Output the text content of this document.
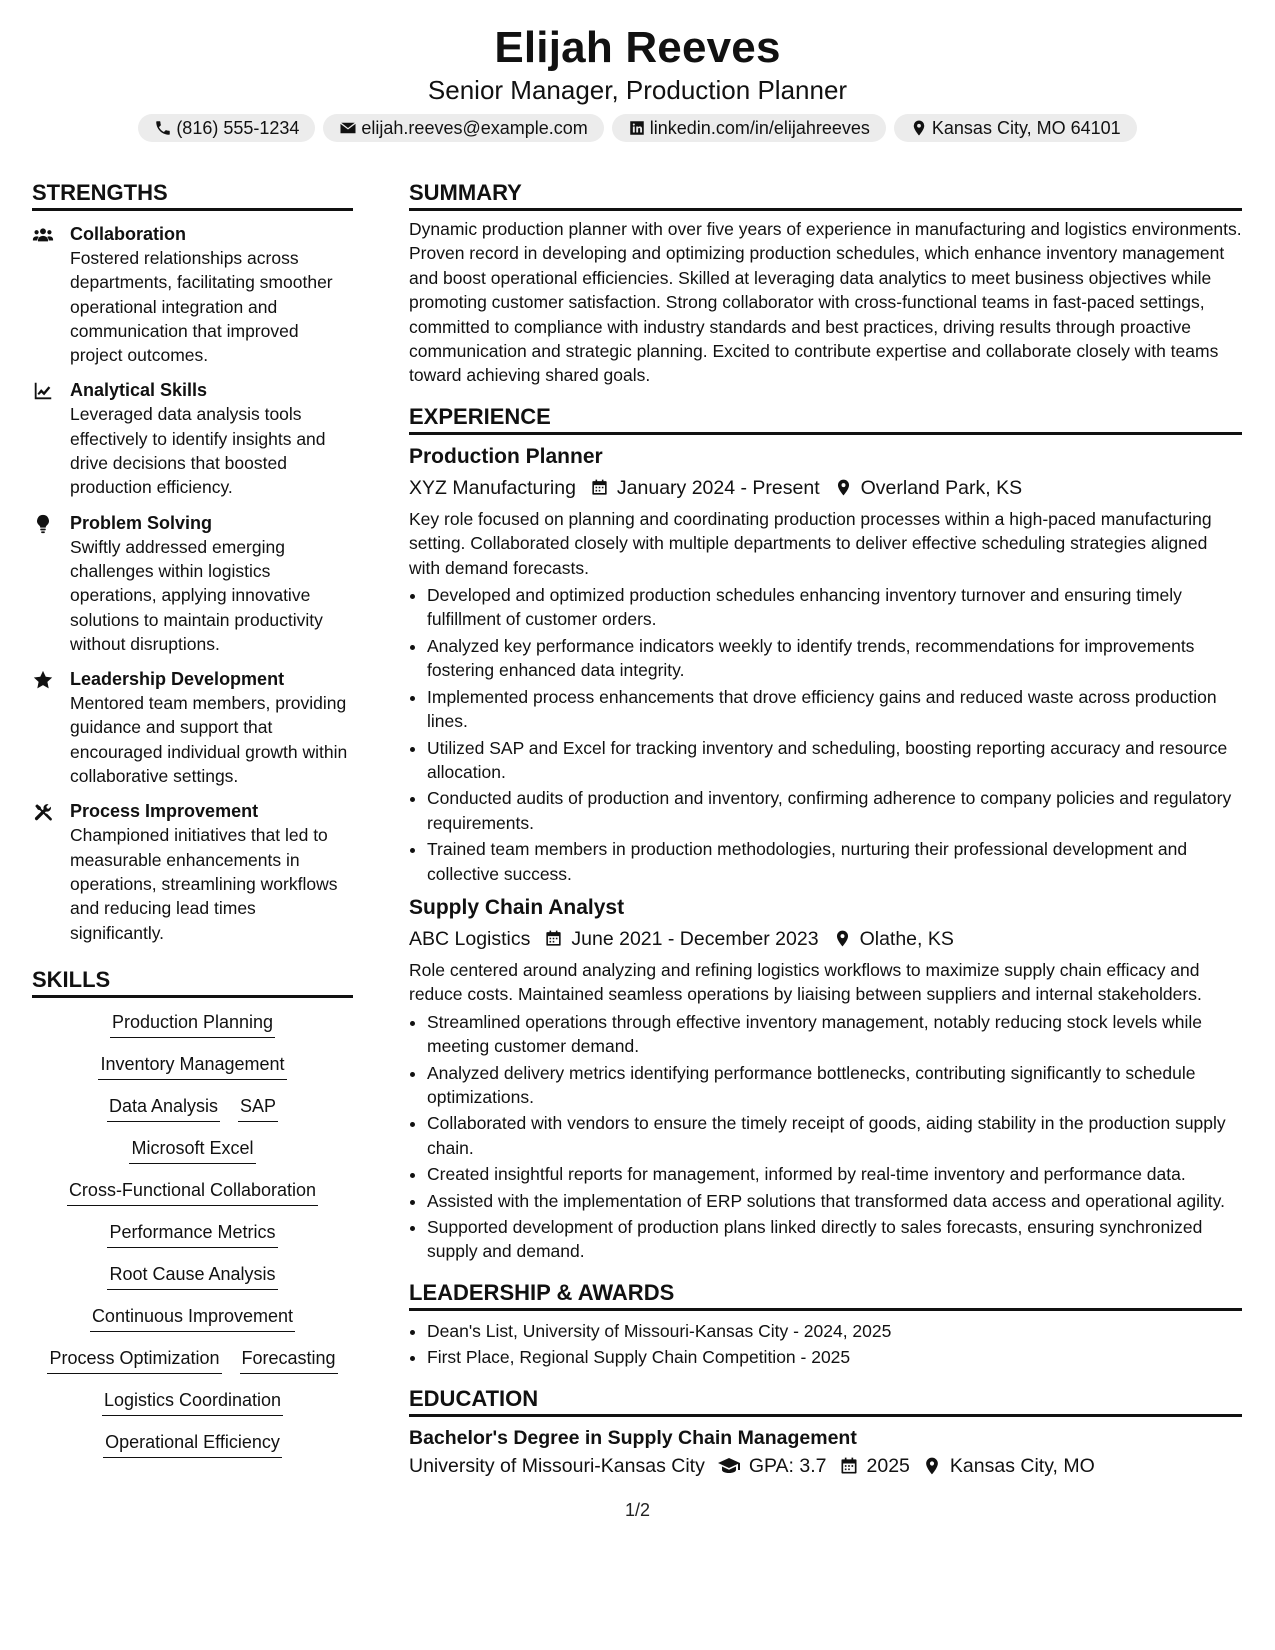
Elijah Reeves
Senior Manager, Production Planner
(816) 555-1234	elijah.reeves@example.com	linkedin.com/in/elijahreeves	Kansas City, MO 64101
STRENGTHS
Collaboration
Fostered relationships across departments, facilitating smoother operational integration and communication that improved project outcomes.
Analytical Skills
Leveraged data analysis tools effectively to identify insights and drive decisions that boosted production efficiency.
Problem Solving
Swiftly addressed emerging challenges within logistics operations, applying innovative solutions to maintain productivity without disruptions.
Leadership Development
Mentored team members, providing guidance and support that encouraged individual growth within collaborative settings.
Process Improvement
Championed initiatives that led to measurable enhancements in operations, streamlining workflows and reducing lead times significantly.
SKILLS
Production Planning
Inventory Management
Data Analysis SAP
Microsoft Excel
Cross-Functional Collaboration
Performance Metrics
Root Cause Analysis
Continuous Improvement
Process Optimization Forecasting
Logistics Coordination
Operational Efficiency
SUMMARY
Dynamic production planner with over five years of experience in manufacturing and logistics environments. Proven record in developing and optimizing production schedules, which enhance inventory management and boost operational efficiencies. Skilled at leveraging data analytics to meet business objectives while promoting customer satisfaction. Strong collaborator with cross-functional teams in fast-paced settings, committed to compliance with industry standards and best practices, driving results through proactive communication and strategic planning. Excited to contribute expertise and collaborate closely with teams toward achieving shared goals.
EXPERIENCE
Production Planner
XYZ Manufacturing January 2024 - Present Overland Park, KS
Key role focused on planning and coordinating production processes within a high-paced manufacturing setting. Collaborated closely with multiple departments to deliver effective scheduling strategies aligned with demand forecasts.
• Developed and optimized production schedules enhancing inventory turnover and ensuring timely fulfillment of customer orders.
• Analyzed key performance indicators weekly to identify trends, recommendations for improvements fostering enhanced data integrity.
• Implemented process enhancements that drove efficiency gains and reduced waste across production lines.
• Utilized SAP and Excel for tracking inventory and scheduling, boosting reporting accuracy and resource allocation.
• Conducted audits of production and inventory, confirming adherence to company policies and regulatory requirements.
• Trained team members in production methodologies, nurturing their professional development and collective success.
Supply Chain Analyst
ABC Logistics June 2021 - December 2023 Olathe, KS
Role centered around analyzing and refining logistics workflows to maximize supply chain efficacy and reduce costs. Maintained seamless operations by liaising between suppliers and internal stakeholders.
• Streamlined operations through effective inventory management, notably reducing stock levels while meeting customer demand.
• Analyzed delivery metrics identifying performance bottlenecks, contributing significantly to schedule optimizations.
• Collaborated with vendors to ensure the timely receipt of goods, aiding stability in the production supply chain.
• Created insightful reports for management, informed by real-time inventory and performance data.
• Assisted with the implementation of ERP solutions that transformed data access and operational agility.
• Supported development of production plans linked directly to sales forecasts, ensuring synchronized supply and demand.
LEADERSHIP & AWARDS
• Dean's List, University of Missouri-Kansas City - 2024, 2025
• First Place, Regional Supply Chain Competition - 2025
EDUCATION
Bachelor's Degree in Supply Chain Management
University of Missouri-Kansas City GPA: 3.7 2025 Kansas City, MO
1/2
